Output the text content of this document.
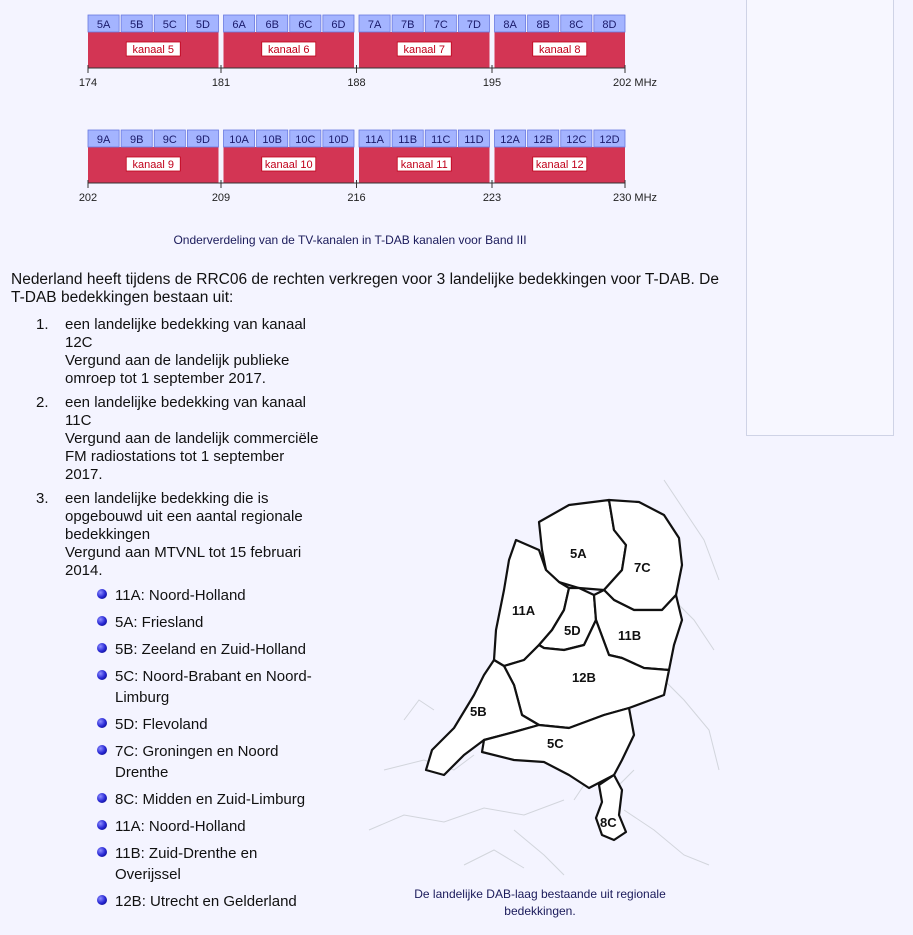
5A 5B 5C 5D
kanaal 5
6A 6B 6C 6D
kanaal 6
7A 7B 7C 7D
kanaal 7
8A 8B 8C 8D
kanaal 8
174	181	188	195	202 MHz
9A 9B 9C 9D
kanaal 9
10A 10B 10C 10D
kanaal 10
11A 11B 11C 11D
kanaal 11
12A 12B 12C 12D
kanaal 12
202	209	216	223	230 MHz
Onderverdeling van de TV-kanalen in T-DAB kanalen voor Band III

Nederland heeft tijdens de RRC06 de rechten verkregen voor 3 landelijke bedekkingen voor T-DAB. De T-DAB bedekkingen bestaan uit:

1. een landelijke bedekking van kanaal
12C
Vergund aan de landelijk publieke
omroep tot 1 september 2017.
2. een landelijke bedekking van kanaal
11C
Vergund aan de landelijk commerciële
FM radiostations tot 1 september
2017.
3. een landelijke bedekking die is
opgebouwd uit een aantal regionale
bedekkingen
Vergund aan MTVNL tot 15 februari
2014.
11A: Noord-Holland
5A: Friesland
5B: Zeeland en Zuid-Holland
5C: Noord-Brabant en Noord-
Limburg
5D: Flevoland
7C: Groningen en Noord
Drenthe
8C: Midden en Zuid-Limburg
11A: Noord-Holland
11B: Zuid-Drenthe en
Overijssel
12B: Utrecht en Gelderland
5A
7C
11A
5D	11B
12B
5B
5C
8C
De landelijke DAB-laag bestaande uit regionale
bedekkingen.
